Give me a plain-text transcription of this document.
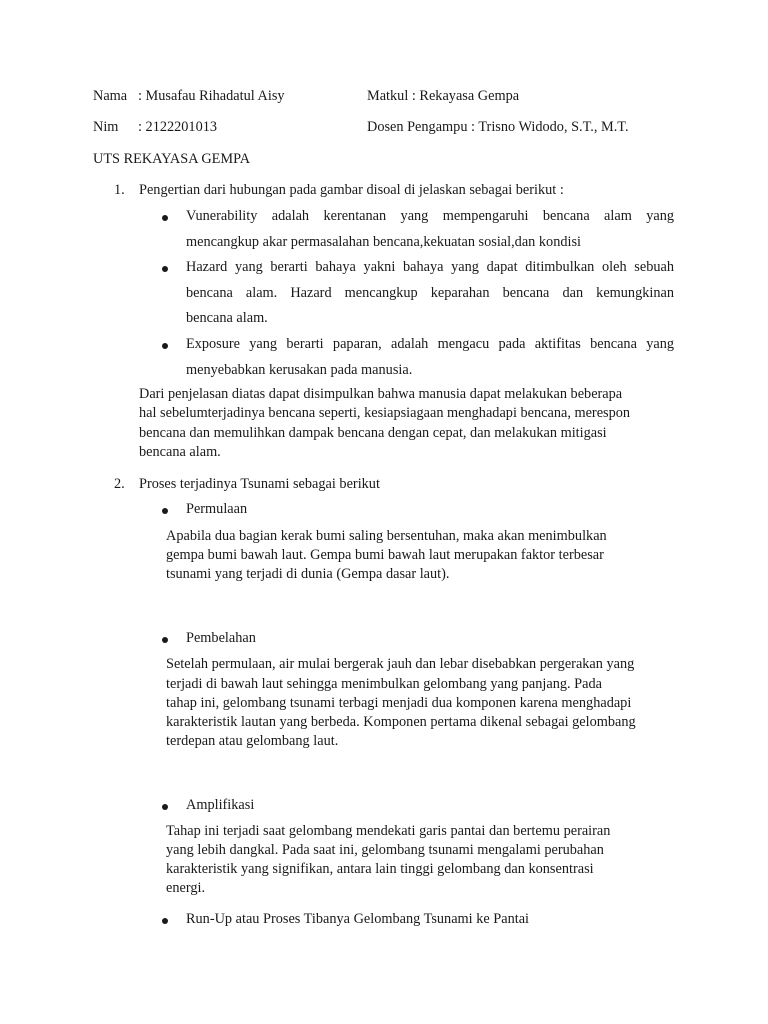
Nama : Musafau Rihadatul Aisy	Matkul : Rekayasa Gempa
Nim : 2122201013	Dosen Pengampu : Trisno Widodo, S.T., M.T.
UTS REKAYASA GEMPA
1. Pengertian dari hubungan pada gambar disoal di jelaskan sebagai berikut :
Vunerability adalah kerentanan yang mempengaruhi bencana alam yang
mencangkup akar permasalahan bencana,kekuatan sosial,dan kondisi
Hazard yang berarti bahaya yakni bahaya yang dapat ditimbulkan oleh sebuah
bencana alam. Hazard mencangkup keparahan bencana dan kemungkinan
bencana alam.
Exposure yang berarti paparan, adalah mengacu pada aktifitas bencana yang
menyebabkan kerusakan pada manusia.
Dari penjelasan diatas dapat disimpulkan bahwa manusia dapat melakukan beberapa
hal sebelumterjadinya bencana seperti, kesiapsiagaan menghadapi bencana, merespon
bencana dan memulihkan dampak bencana dengan cepat, dan melakukan mitigasi
bencana alam.
2. Proses terjadinya Tsunami sebagai berikut
Permulaan
Apabila dua bagian kerak bumi saling bersentuhan, maka akan menimbulkan
gempa bumi bawah laut. Gempa bumi bawah laut merupakan faktor terbesar
tsunami yang terjadi di dunia (Gempa dasar laut).
Pembelahan
Setelah permulaan, air mulai bergerak jauh dan lebar disebabkan pergerakan yang
terjadi di bawah laut sehingga menimbulkan gelombang yang panjang. Pada
tahap ini, gelombang tsunami terbagi menjadi dua komponen karena menghadapi
karakteristik lautan yang berbeda. Komponen pertama dikenal sebagai gelombang
terdepan atau gelombang laut.
Amplifikasi
Tahap ini terjadi saat gelombang mendekati garis pantai dan bertemu perairan
yang lebih dangkal. Pada saat ini, gelombang tsunami mengalami perubahan
karakteristik yang signifikan, antara lain tinggi gelombang dan konsentrasi
energi.
Run-Up atau Proses Tibanya Gelombang Tsunami ke Pantai
